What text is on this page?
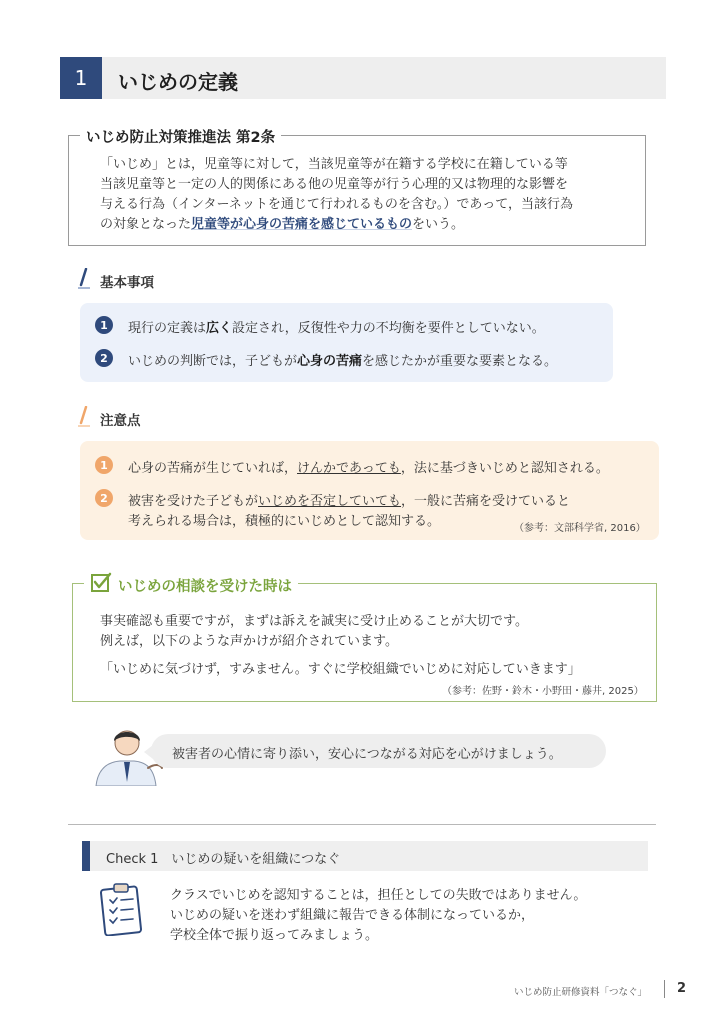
1	いじめの定義
いじめ防止対策推進法 第2条
「いじめ」とは，児童等に対して，当該児童等が在籍する学校に在籍している等
当該児童等と一定の人的関係にある他の児童等が行う心理的又は物理的な影響を
与える行為（インターネットを通じて行われるものを含む。）であって，当該行為
の対象となった児童等が心身の苦痛を感じているものをいう。
基本事項
1	現行の定義は広く設定され，反復性や力の不均衡を要件としていない。
2	いじめの判断では，子どもが心身の苦痛を感じたかが重要な要素となる。
注意点
1	心身の苦痛が生じていれば，けんかであっても，法に基づきいじめと認知される。
2	被害を受けた子どもがいじめを否定していても，一般に苦痛を受けていると
考えられる場合は，積極的にいじめとして認知する。	（参考：文部科学省, 2016）
いじめの相談を受けた時は
事実確認も重要ですが，まずは訴えを誠実に受け止めることが大切です。
例えば，以下のような声かけが紹介されています。
「いじめに気づけず，すみません。すぐに学校組織でいじめに対応していきます」
（参考：佐野・鈴木・小野田・藤井, 2025）
被害者の心情に寄り添い，安心につながる対応を心がけましょう。
Check 1　いじめの疑いを組織につなぐ
クラスでいじめを認知することは，担任としての失敗ではありません。
いじめの疑いを迷わず組織に報告できる体制になっているか，
学校全体で振り返ってみましょう。
いじめ防止研修資料「つなぐ」 2
